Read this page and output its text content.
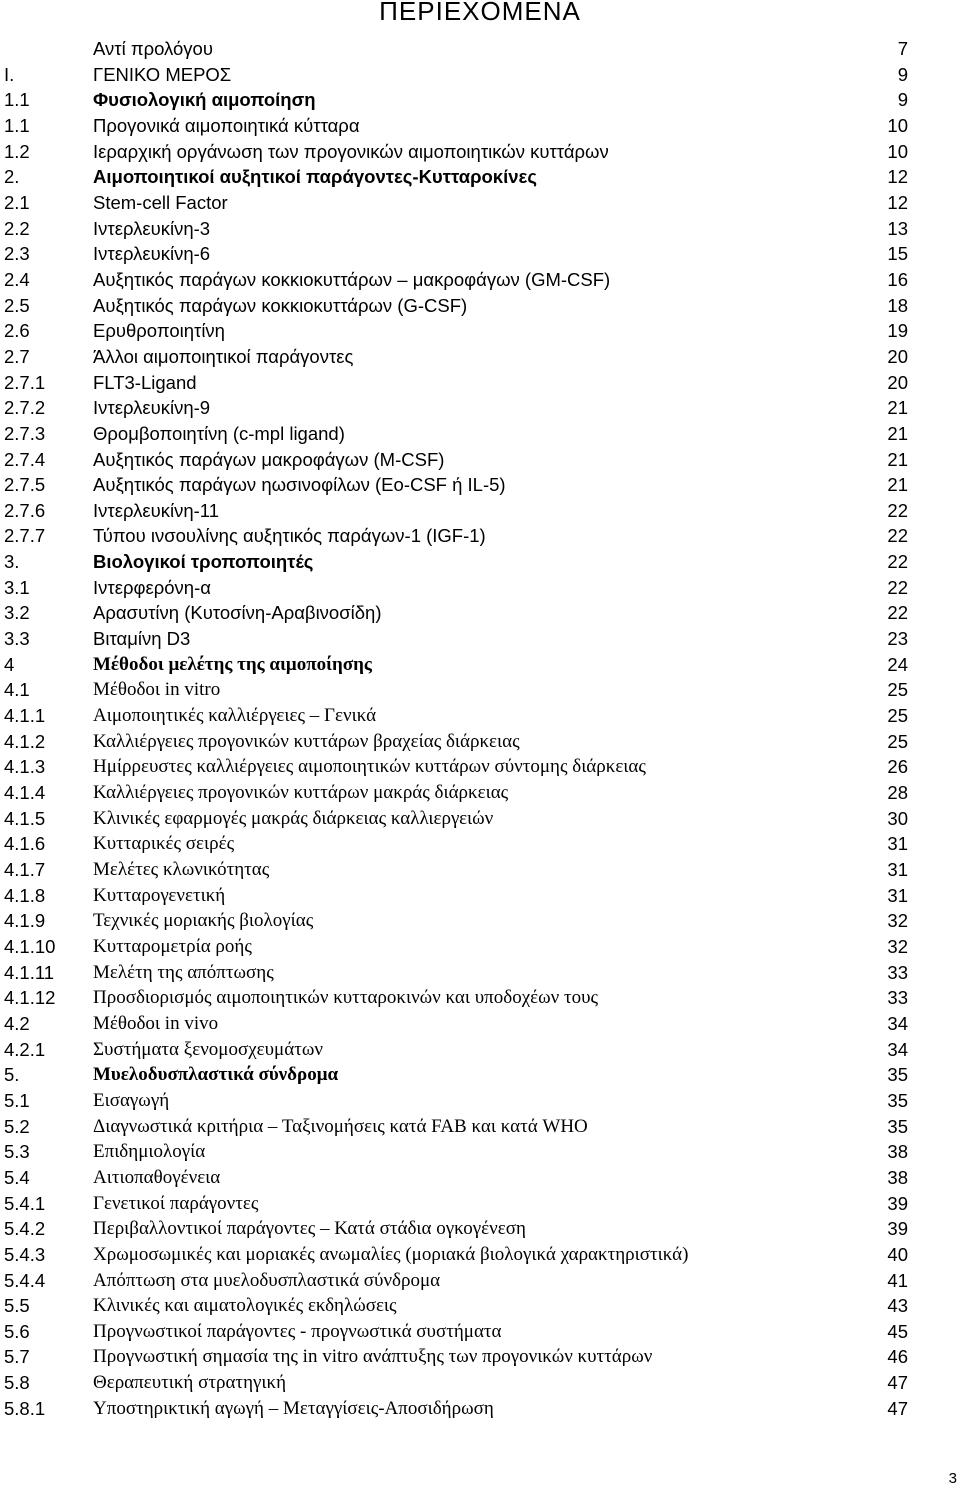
ΠΕΡΙΕΧΟΜΕΝΑ
Αντί προλόγου	7
Ι.	ΓΕΝΙΚΟ ΜΕΡΟΣ	9
1.1	Φυσιολογική αιμοποίηση	9
1.1	Προγονικά αιμοποιητικά κύτταρα	10
1.2	Ιεραρχική οργάνωση των προγονικών αιμοποιητικών κυττάρων	10
2.	Αιμοποιητικοί αυξητικοί παράγοντες-Κυτταροκίνες	12
2.1	Stem-cell Factor	12
2.2	Ιντερλευκίνη-3	13
2.3	Ιντερλευκίνη-6	15
2.4	Αυξητικός παράγων κοκκιοκυττάρων – μακροφάγων (GM-CSF)	16
2.5	Αυξητικός παράγων κοκκιοκυττάρων (G-CSF)	18
2.6	Ερυθροποιητίνη	19
2.7	Άλλοι αιμοποιητικοί παράγοντες	20
2.7.1	FLT3-Ligand	20
2.7.2	Ιντερλευκίνη-9	21
2.7.3	Θρομβοποιητίνη (c-mpl ligand)	21
2.7.4	Αυξητικός παράγων μακροφάγων (M-CSF)	21
2.7.5	Αυξητικός παράγων ηωσινοφίλων (Eo-CSF ή IL-5)	21
2.7.6	Ιντερλευκίνη-11	22
2.7.7	Τύπου ινσουλίνης αυξητικός παράγων-1 (IGF-1)	22
3.	Βιολογικοί τροποποιητές	22
3.1	Ιντερφερόνη-α	22
3.2	Αρασυτίνη (Κυτοσίνη-Αραβινοσίδη)	22
3.3	Βιταμίνη D3	23
4	Μέθοδοι μελέτης της αιμοποίησης	24
4.1	Μέθοδοι in vitro	25
4.1.1	Αιμοποιητικές καλλιέργειες – Γενικά	25
4.1.2	Καλλιέργειες προγονικών κυττάρων βραχείας διάρκειας	25
4.1.3	Ημίρρευστες καλλιέργειες αιμοποιητικών κυττάρων σύντομης διάρκειας	26
4.1.4	Καλλιέργειες προγονικών κυττάρων μακράς διάρκειας	28
4.1.5	Κλινικές εφαρμογές μακράς διάρκειας καλλιεργειών	30
4.1.6	Κυτταρικές σειρές	31
4.1.7	Μελέτες κλωνικότητας	31
4.1.8	Κυτταρογενετική	31
4.1.9	Τεχνικές μοριακής βιολογίας	32
4.1.10 Κυτταρομετρία ροής	32
4.1.11 Μελέτη της απόπτωσης	33
4.1.12 Προσδιορισμός αιμοποιητικών κυτταροκινών και υποδοχέων τους	33
4.2	Μέθοδοι in vivo	34
4.2.1	Συστήματα ξενομοσχευμάτων	34
5.	Μυελοδυσπλαστικά σύνδρομα	35
5.1	Εισαγωγή	35
5.2	Διαγνωστικά κριτήρια – Ταξινομήσεις κατά FAB και κατά WHO	35
5.3	Επιδημιολογία	38
5.4	Αιτιοπαθογένεια	38
5.4.1	Γενετικοί παράγοντες	39
5.4.2	Περιβαλλοντικοί παράγοντες – Κατά στάδια ογκογένεση	39
5.4.3	Χρωμοσωμικές και μοριακές ανωμαλίες (μοριακά βιολογικά χαρακτηριστικά)	40
5.4.4	Απόπτωση στα μυελοδυσπλαστικά σύνδρομα	41
5.5	Κλινικές και αιματολογικές εκδηλώσεις	43
5.6	Προγνωστικοί παράγοντες - προγνωστικά συστήματα	45
5.7	Προγνωστική σημασία της in vitro ανάπτυξης των προγονικών κυττάρων	46
5.8	Θεραπευτική στρατηγική	47
5.8.1	Υποστηρικτική αγωγή – Μεταγγίσεις-Αποσιδήρωση	47
3
